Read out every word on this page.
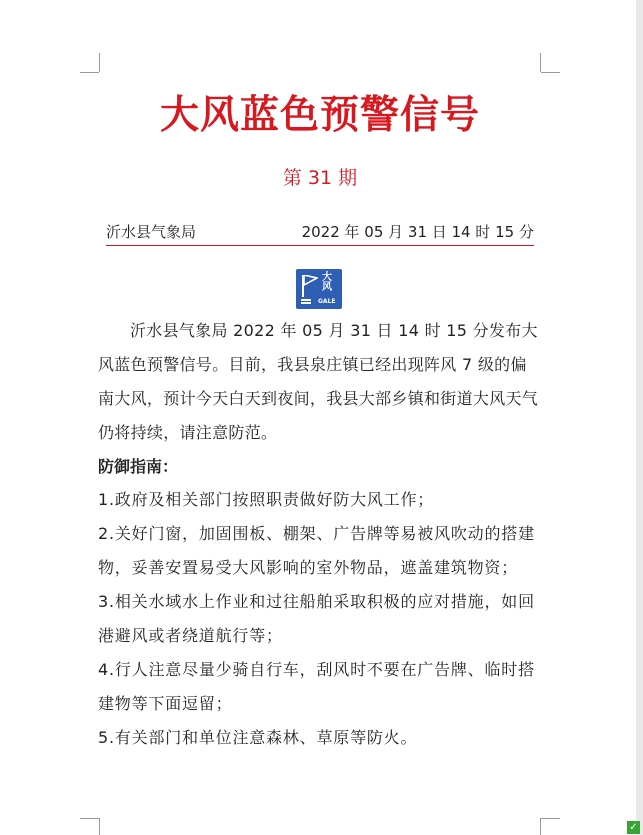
大风蓝色预警信号
第 31 期
沂水县气象局	2022 年 05 月 31 日 14 时 15 分
大风
GALE

沂水县气象局 2022 年 05 月 31 日 14 时 15 分发布大风蓝色预警信号。目前，我县泉庄镇已经出现阵风 7 级的偏南大风，预计今天白天到夜间，我县大部乡镇和街道大风天气仍将持续，请注意防范。

防御指南：
1.政府及相关部门按照职责做好防大风工作；
2.关好门窗，加固围板、棚架、广告牌等易被风吹动的搭建物，妥善安置易受大风影响的室外物品，遮盖建筑物资；
3.相关水域水上作业和过往船舶采取积极的应对措施，如回港避风或者绕道航行等；
4.行人注意尽量少骑自行车，刮风时不要在广告牌、临时搭建物等下面逗留；
5.有关部门和单位注意森林、草原等防火。
✓
